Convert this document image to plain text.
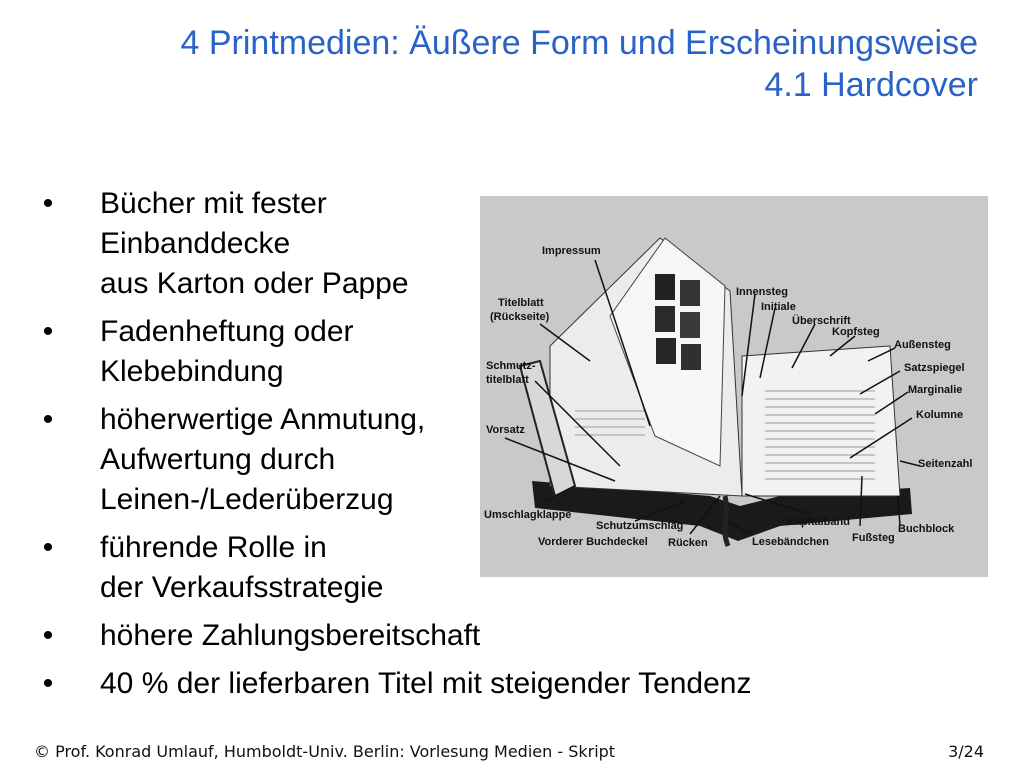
4 Printmedien: Äußere Form und Erscheinungsweise
4.1 Hardcover
• Bücher mit fester
Einbanddecke
aus Karton oder Pappe
• Fadenheftung oder
Klebebindung
• höherwertige Anmutung,
Aufwertung durch
Leinen-/Lederüberzug
• führende Rolle in
der Verkaufsstrategie
• höhere Zahlungsbereitschaft
• 40 % der lieferbaren Titel mit steigender Tendenz
Impressum
Titelblatt
(Rückseite)
Schmutz-
titelblatt
Vorsatz
Umschlagklappe
Schutzumschlag
Vorderer Buchdeckel Rücken	Lesebändchen
Kapitalband
Fußsteg
Buchblock
Seitenzahl
Kolumne
Marginalie
Satzspiegel
Außensteg
Kopfsteg
Überschrift
Initiale
Innensteg
© Prof. Konrad Umlauf, Humboldt-Univ. Berlin: Vorlesung Medien - Skript	3/24
